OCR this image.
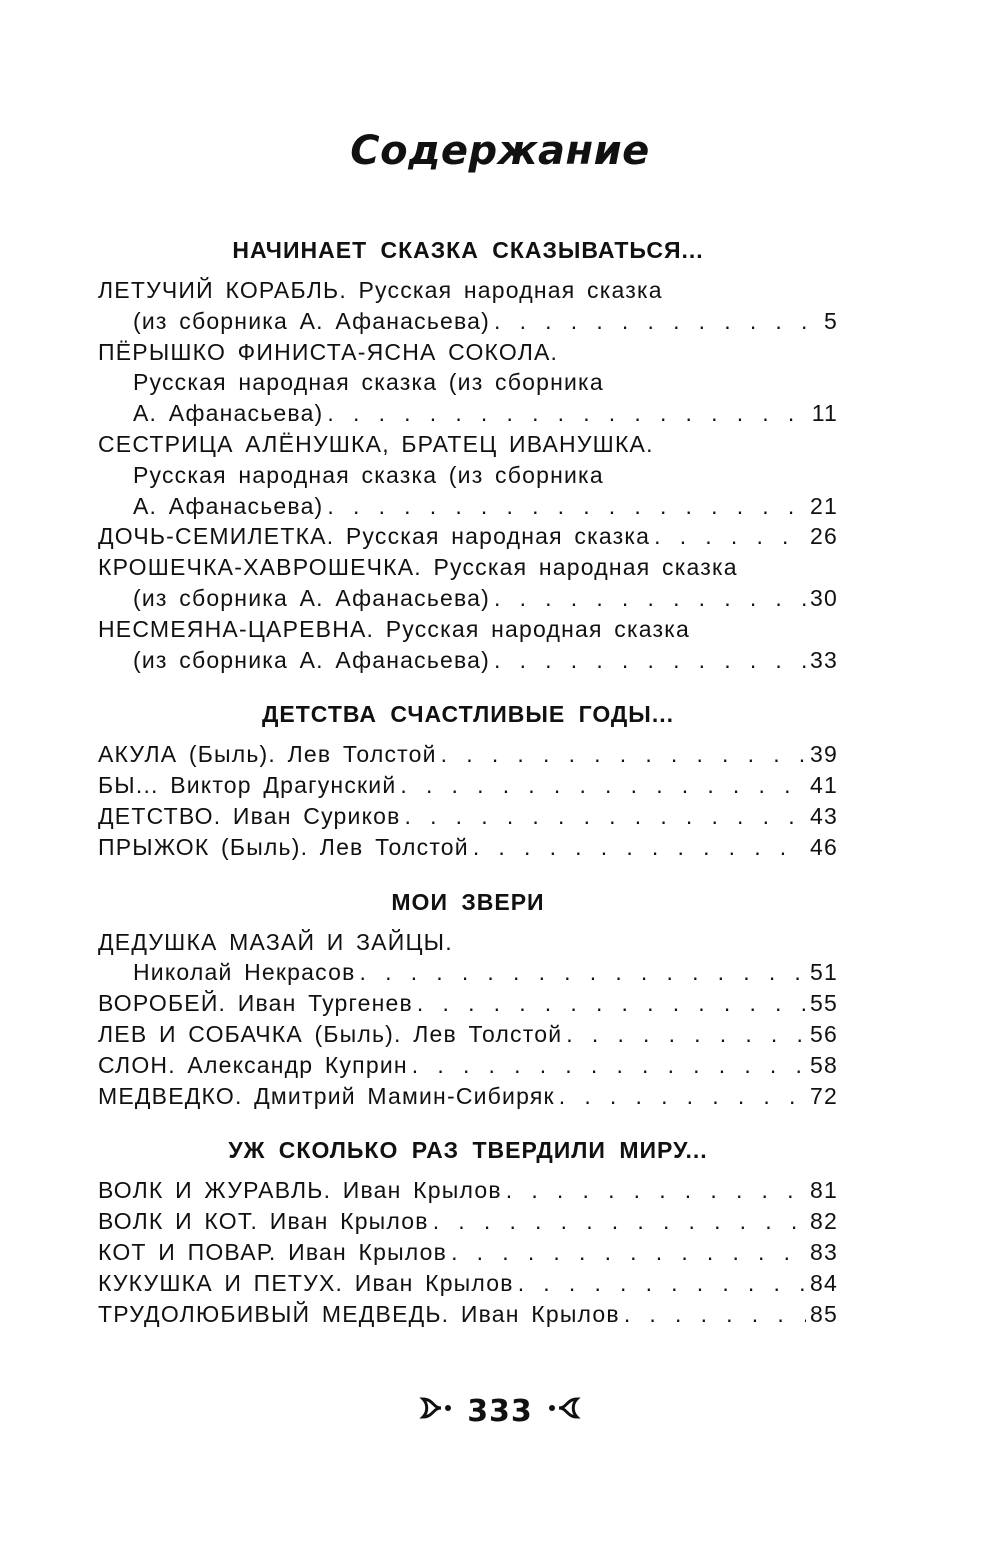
Содержание
НАЧИНАЕТ СКАЗКА СКАЗЫВАТЬСЯ...
ЛЕТУЧИЙ КОРАБЛЬ. Русская народная сказка
(из сборника А. Афанасьева) . . .	5
ПЁРЫШКО ФИНИСТА-ЯСНА СОКОЛА.
Русская народная сказка (из сборника
А. Афанасьева) . . .	11
СЕСТРИЦА АЛЁНУШКА, БРАТЕЦ ИВАНУШКА.
Русская народная сказка (из сборника
А. Афанасьева) . . .	21
ДОЧЬ-СЕМИЛЕТКА. Русская народная сказка . . .	26
КРОШЕЧКА-ХАВРОШЕЧКА. Русская народная сказка
(из сборника А. Афанасьева) . . .	30
НЕСМЕЯНА-ЦАРЕВНА. Русская народная сказка
(из сборника А. Афанасьева) . . .	33
ДЕТСТВА СЧАСТЛИВЫЕ ГОДЫ...
АКУЛА (Быль). Лев Толстой . . .	39
БЫ... Виктор Драгунский . . .	41
ДЕТСТВО. Иван Суриков . . .	43
ПРЫЖОК (Быль). Лев Толстой . . .	46
МОИ ЗВЕРИ
ДЕДУШКА МАЗАЙ И ЗАЙЦЫ.
Николай Некрасов . . .	51
ВОРОБЕЙ. Иван Тургенев . . .	55
ЛЕВ И СОБАЧКА (Быль). Лев Толстой . . .	56
СЛОН. Александр Куприн . . .	58
МЕДВЕДКО. Дмитрий Мамин-Сибиряк . . .	72
УЖ СКОЛЬКО РАЗ ТВЕРДИЛИ МИРУ...
ВОЛК И ЖУРАВЛЬ. Иван Крылов . . .	81
ВОЛК И КОТ. Иван Крылов . . .	82
КОТ И ПОВАР. Иван Крылов . . .	83
КУКУШКА И ПЕТУХ. Иван Крылов . . .	84
ТРУДОЛЮБИВЫЙ МЕДВЕДЬ. Иван Крылов . . .	85
333
